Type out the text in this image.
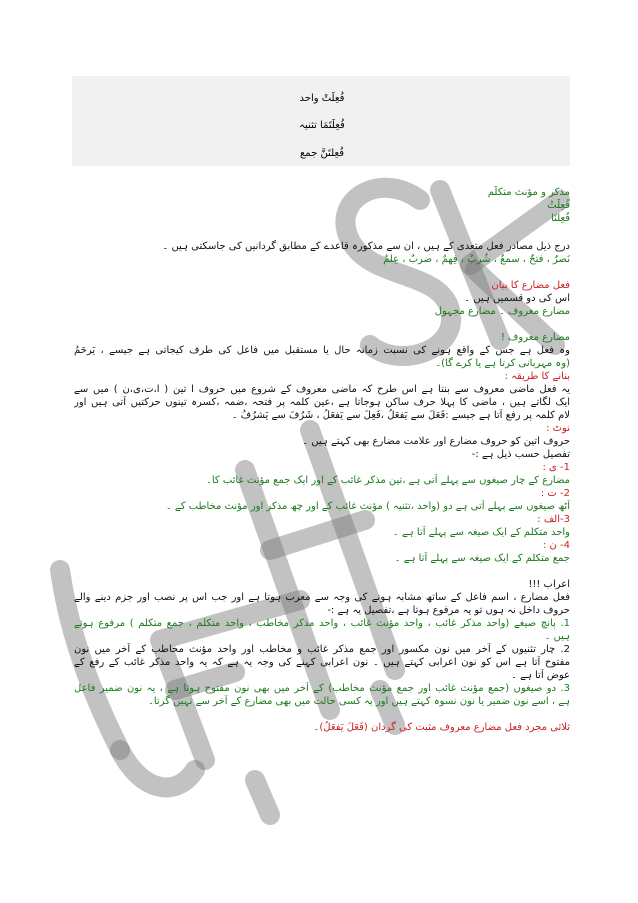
فُعِلَتْ واحد
فُعِلَتَمَا تثنیہ
فُعِلتَنَّ جمع
مذکر و مؤنث متکلّم
فُعِلْتُ
فُعِلنَا
درج ذیل مصادر فعل متعدی کے ہیں ، ان سے مذکورہ قاعدے کے مطابق گردانیں کی جاسکتی ہیں ۔
نَصرٌ ، فتحٌ ، سمعٌ ، شُربٌ ، فِهمٌ ، ضربٌ ، عِلمٌ
فعل مضارع کا بیان
اس کی دو قسمیں ہیں ۔
مضارع معروف ۔ مضارع مجہول
مضارع معروف !
وہ فعل ہے جس کے واقع ہونے کی نسبت زمانہ حال یا مستقبل میں فاعل کی طرف کیجاتی ہے جیسے ، یَرحَمُ
(وہ مہربانی کرتا ہے یا کرے گا)۔
بنانے کا طریقہ :
یہ فعل ماضی معروف سے بنتا ہے اس طرح کہ ماضی معروف کے شروع میں حروف ا تین ( ا،ت،ی،ن ) میں سے
ایک لگاتے ہیں ، ماضی کا پہلا حرف ساکن ہوجاتا ہے ،عین کلمہ پر فتحہ ،ضمہ ،کسرہ تینوں حرکتیں آتی ہیں اور
لام کلمہ پر رفع آتا ہے جیسے :فَعَلَ سے یَفعَلُ ،فَعِلَ سے یَفعَلُ ، شَرُفَ سے یَشرُفُ ۔
نوٹ :
حروف اتین کو حروف مضارع اور علامت مضارع بھی کہتے ہیں ۔
تفصیل حسب ذیل ہے :-
1- ی :
مضارع کے چار صیغوں سے پہلے آتی ہے ،تین مذکر غائب کے اور ایک جمع مؤنث غائب کا۔
2- ت :
آٹھ صیغوں سے پہلے آتی ہے دو (واحد ،تثنیہ ) مؤنث غائب کے اور چھ مذکر اور مؤنث مخاطب کے ۔
3-الف :
واحد متکلم کے ایک صیغہ سے پہلے آتا ہے ۔
4- ن :
جمع متکلم کے ایک صیغہ سے پہلے آتا ہے ۔
اعراب !!!
فعل مضارع ، اسم فاعل کے ساتھ مشابہ ہونے کی وجہ سے معرب ہوتا ہے اور جب اس پر نصب اور جزم دینے والے
حروف داخل نہ ہوں تو یہ مرفوع ہوتا ہے ،تفصیل یہ ہے :-
1. پانچ صیغے (واحد مذکر غائب ، واحد مؤنث غائب ، واحد مذکر مخاطب ، واحد متکلم ، جمع متکلم ) مرفوع ہوتے
ہیں ۔
2. چار تثنیوں کے آخر میں نون مکسور اور جمع مذکر غائب و مخاطب اور واحد مؤنث مخاطب کے آخر میں نون
مفتوح آتا ہے اس کو نون اعرابی کہتے ہیں ۔ نون اعرابی کہنے کی وجہ یہ ہے کہ یہ واحد مذکر غائب کے رفع کے
عوض آتا ہے ۔
3. دو صیغوں (جمع مؤنث غائب اور جمع مؤنث مخاطب) کے آخر میں بھی نون مفتوح ہوتا ہے ، یہ نون ضمیر فاعل
ہے ، اسے نون ضمیر یا نون نسوہ کہتے ہیں اور یہ کسی حالت میں بھی مضارع کے آخر سے نہیں گرتا۔
ثلاثی مجرد فعل مضارع معروف مثبت کی گردان (فَعَلَ یَفعَلُ)۔
